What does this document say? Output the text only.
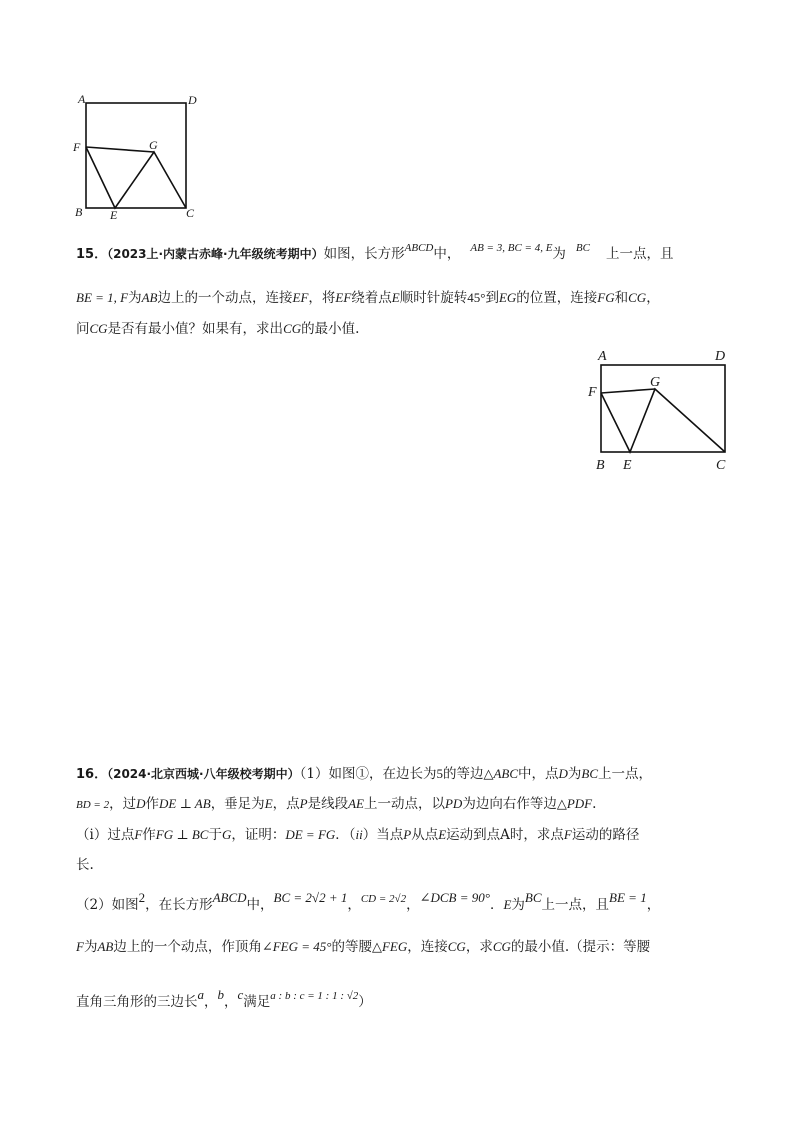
A	D
F	G
B E	C
15．（2023上·内蒙古赤峰·九年级统考期中）如图，长方形$^{ABCD}$中， $^{AB = 3, BC = 4, E}$为 $^{BC}$ 上一点，且
BE = 1, F为AB边上的一个动点，连接EF，将EF绕着点E顺时针旋转45°到EG的位置，连接FG和CG，
问CG是否有最小值？如果有，求出CG的最小值.
A	D
F
G
B E	C
16．（2024·北京西城·八年级校考期中）（1）如图①，在边长为5的等边△ABC中，点D为BC上一点，
BD = 2，过D作DE ⊥ AB，垂足为E，点P是线段AE上一动点，以PD为边向右作等边△PDF.
（i）过点F作FG ⊥ BC于G，证明：DE = FG．（ii）当点P从点E运动到点A时，求点F运动的路径
长.
（2）如图2，在长方形ABCD中，BC = 2√2 + 1，$^{CD = 2√2}$，∠DCB = 90°．E为BC上一点，且BE = 1，
F为AB边上的一个动点，作顶角∠FEG = 45°的等腰△FEG，连接CG，求CG的最小值.（提示：等腰
直角三角形的三边长a，b，c满足$^{a : b : c = 1 : 1 : √2}$）
